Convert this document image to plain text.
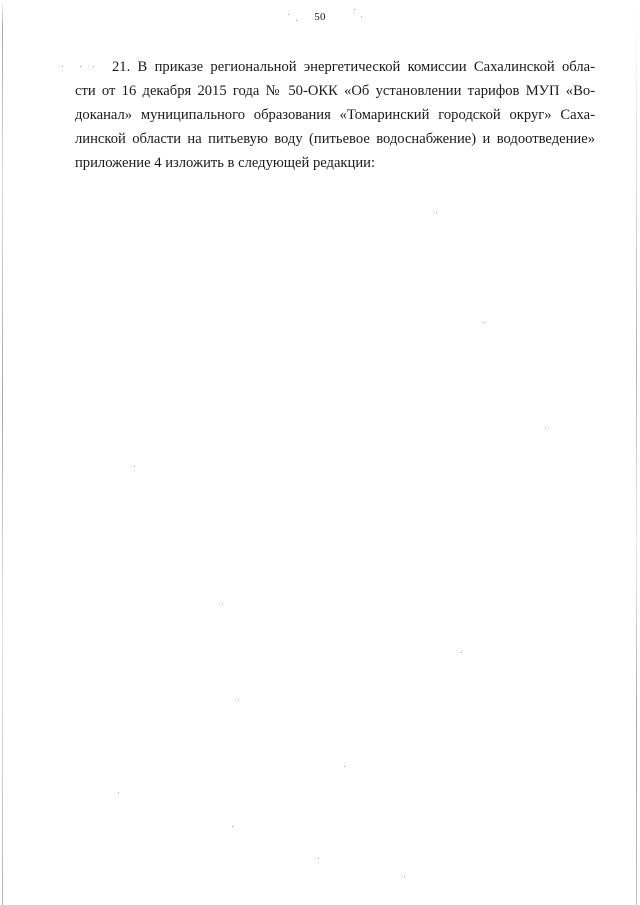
50
21. В приказе региональной энергетической комиссии Сахалинской обла-
сти от 16 декабря 2015 года № 50-ОКК «Об установлении тарифов МУП «Во-
доканал» муниципального образования «Томаринский городской округ» Саха-
линской области на питьевую воду (питьевое водоснабжение) и водоотведение»
приложение 4 изложить в следующей редакции:
